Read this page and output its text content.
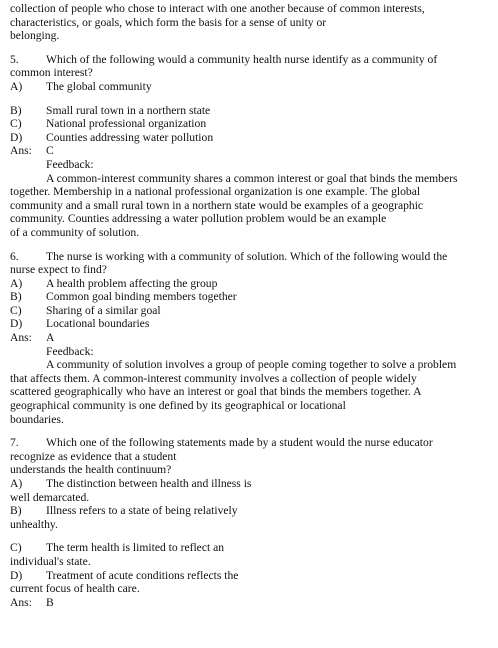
collection of people who chose to interact with one another because of common interests,
characteristics, or goals, which form the basis for a sense of unity or
belonging.
5. Which of the following would a community health nurse identify as a community of
common interest?
A)	The global community
B)	Small rural town in a northern state
C)	National professional organization
D)	Counties addressing water pollution
Ans:	C
Feedback:
A common-interest community shares a common interest or goal that binds the members
together. Membership in a national professional organization is one example. The global
community and a small rural town in a northern state would be examples of a geographic
community. Counties addressing a water pollution problem would be an example
of a community of solution.
6. The nurse is working with a community of solution. Which of the following would the
nurse expect to find?
A)	A health problem affecting the group
B)	Common goal binding members together
C)	Sharing of a similar goal
D)	Locational boundaries
Ans:	A
Feedback:
A community of solution involves a group of people coming together to solve a problem
that affects them. A common-interest community involves a collection of people widely
scattered geographically who have an interest or goal that binds the members together. A
geographical community is one defined by its geographical or locational
boundaries.
7. Which one of the following statements made by a student would the nurse educator
recognize as evidence that a student
understands the health continuum?
A)	The distinction between health and illness is
well demarcated.
B)	Illness refers to a state of being relatively
unhealthy.
C)	The term health is limited to reflect an
individual's state.
D)	Treatment of acute conditions reflects the
current focus of health care.
Ans:	B
